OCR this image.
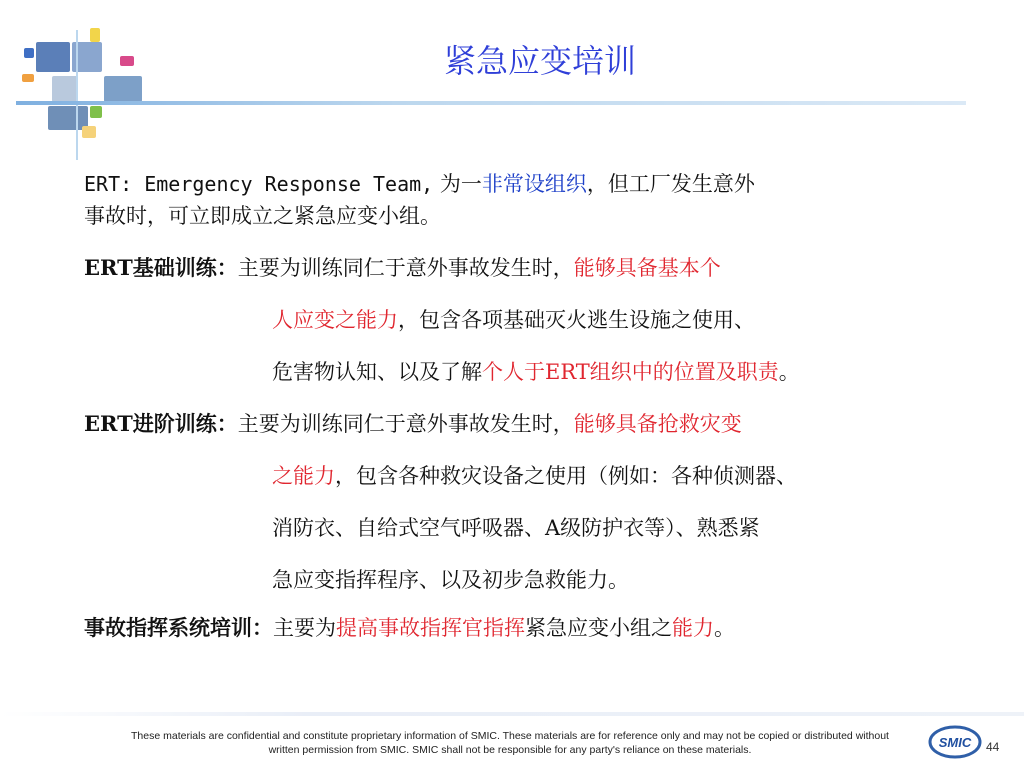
紧急应变培训
ERT: Emergency Response Team, 为一非常设组织，但工厂发生意外
事故时，可立即成立之紧急应变小组。
ERT基础训练：主要为训练同仁于意外事故发生时，能够具备基本个
人应变之能力，包含各项基础灭火逃生设施之使用、
危害物认知、以及了解个人于ERT组织中的位置及职责。
ERT进阶训练：主要为训练同仁于意外事故发生时，能够具备抢救灾变
之能力，包含各种救灾设备之使用（例如：各种侦测器、
消防衣、自给式空气呼吸器、A级防护衣等）、熟悉紧
急应变指挥程序、以及初步急救能力。
事故指挥系统培训：主要为提高事故指挥官指挥紧急应变小组之能力。
These materials are confidential and constitute proprietary information of SMIC. These materials are for reference only and may not be copied or distributed without
written permission from SMIC. SMIC shall not be responsible for any party's reliance on these materials.	SMIC 44
